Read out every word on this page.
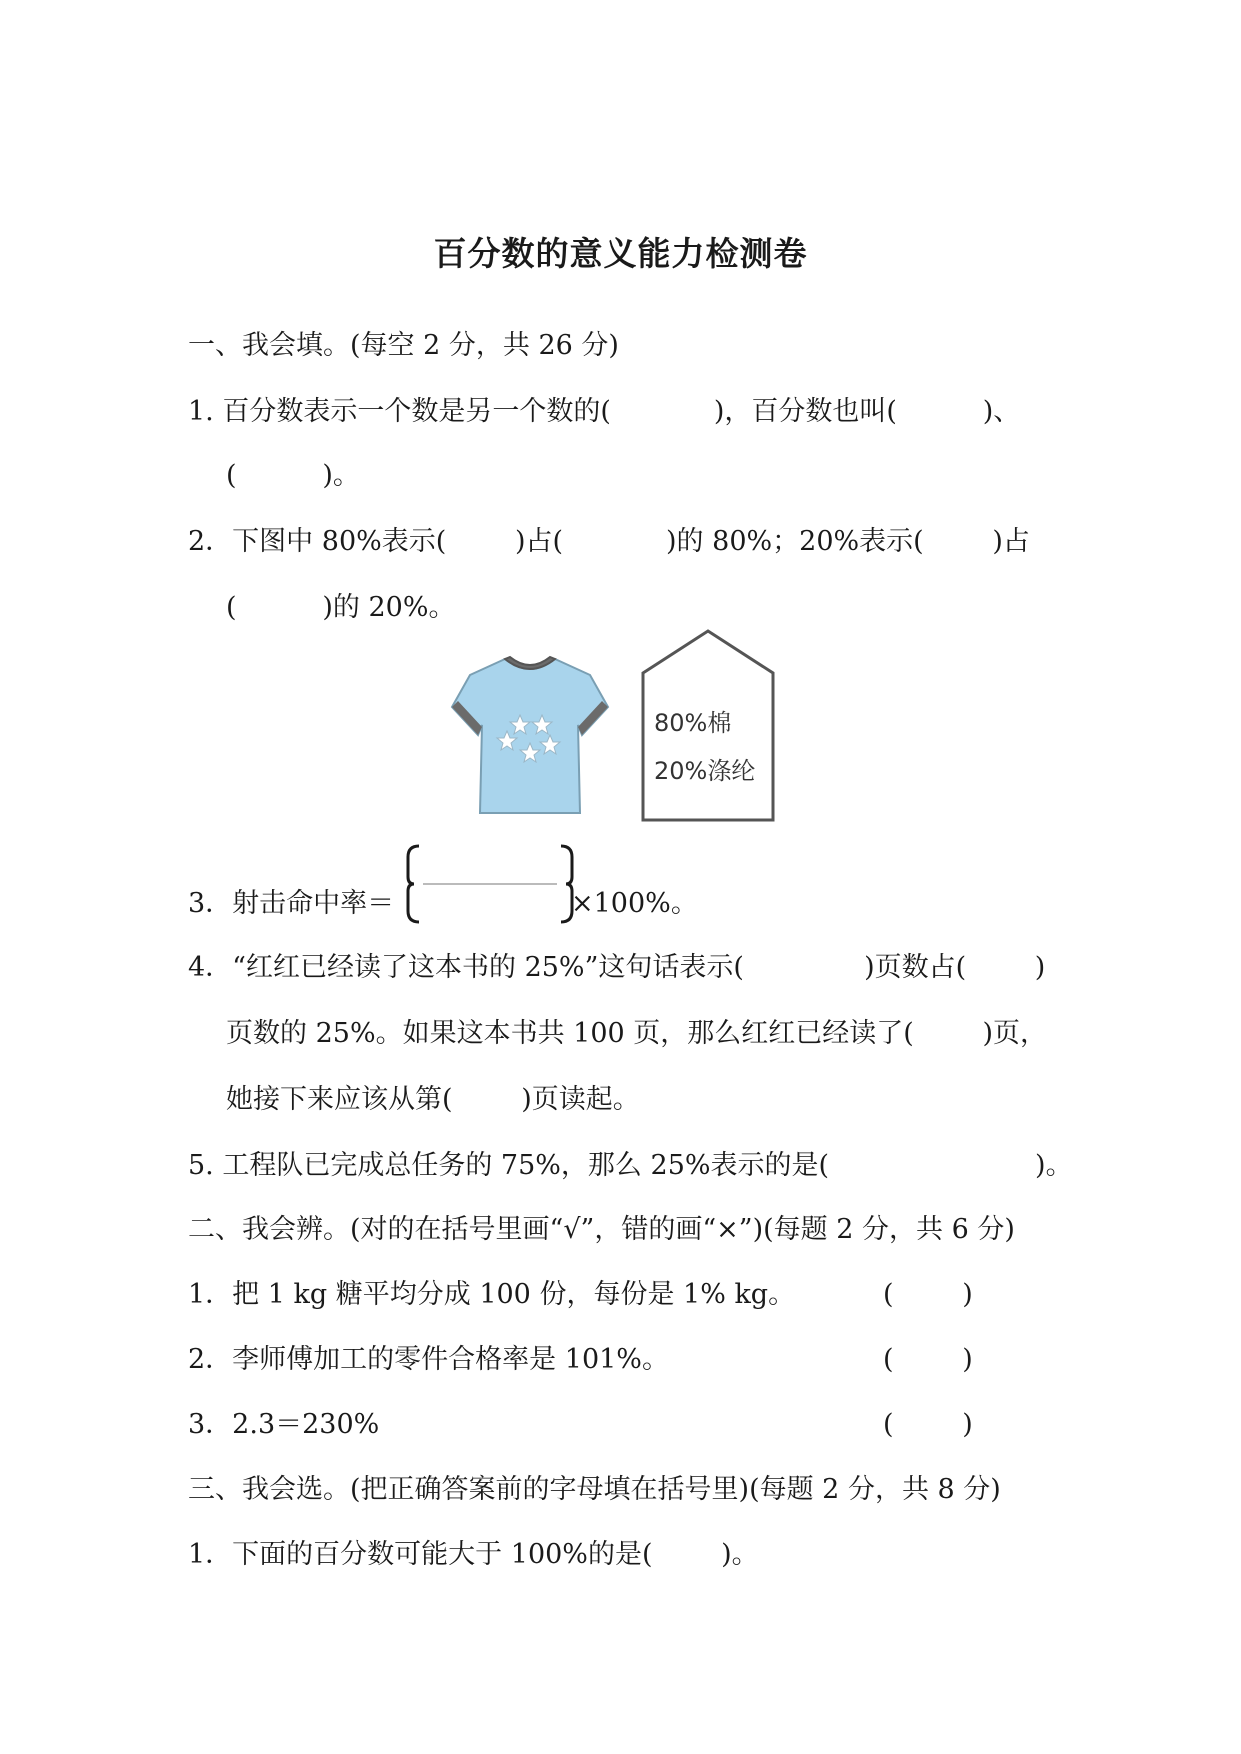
百分数的意义能力检测卷
一、我会填。(每空 2 分，共 26 分)
1. 百分数表示一个数是另一个数的(            )，百分数也叫(          )、
(          )。
2．下图中 80%表示(        )占(            )的 80%；20%表示(        )占
(          )的 20%。
80%棉
20%涤纶
3．射击命中率＝	×100%。
4．“红红已经读了这本书的 25%”这句话表示(              )页数占(        )
页数的 25%。如果这本书共 100 页，那么红红已经读了(        )页，
她接下来应该从第(        )页读起。
5. 工程队已完成总任务的 75%，那么 25%表示的是(                        )。
二、我会辨。(对的在括号里画“√”，错的画“×”)(每题 2 分，共 6 分)
1．把 1 kg 糖平均分成 100 份，每份是 1% kg。	(        )
2．李师傅加工的零件合格率是 101%。	(        )
3．2.3＝230%	(        )
三、我会选。(把正确答案前的字母填在括号里)(每题 2 分，共 8 分)
1．下面的百分数可能大于 100%的是(        )。
